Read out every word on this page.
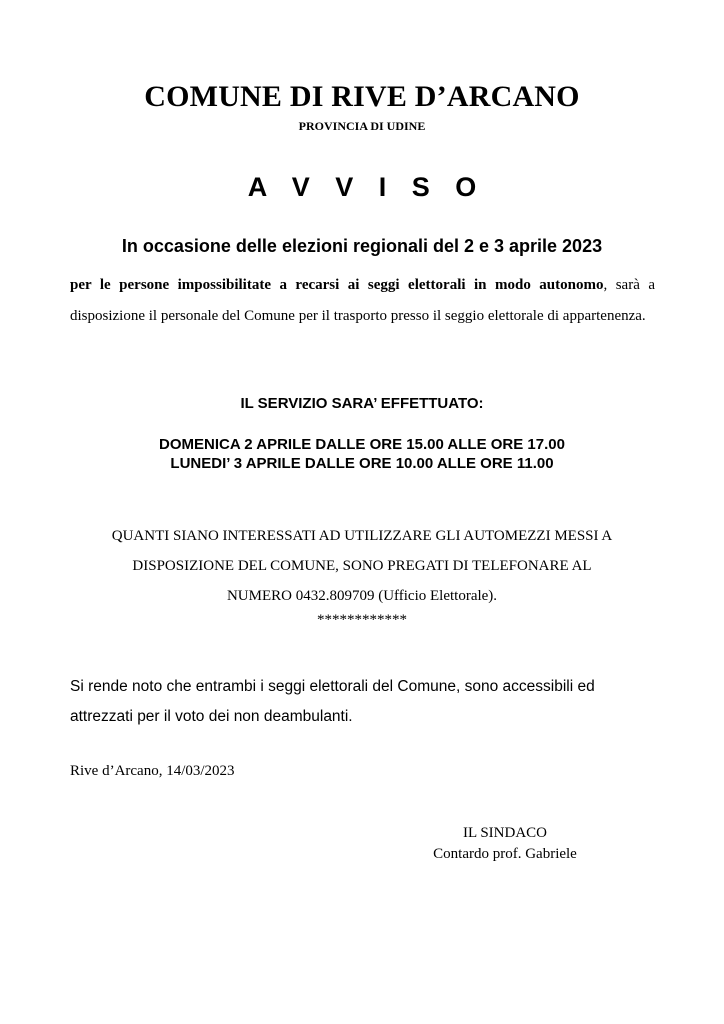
COMUNE DI RIVE D’ARCANO
PROVINCIA DI UDINE
A V V I S O
In occasione delle elezioni regionali del 2 e 3 aprile 2023
per le persone impossibilitate a recarsi ai seggi elettorali in modo autonomo, sarà a disposizione il personale del Comune per il trasporto presso il seggio elettorale di appartenenza.
IL SERVIZIO SARA’ EFFETTUATO:
DOMENICA 2 APRILE DALLE ORE 15.00 ALLE ORE 17.00
LUNEDI’ 3 APRILE DALLE ORE 10.00 ALLE ORE 11.00
QUANTI SIANO INTERESSATI AD UTILIZZARE GLI AUTOMEZZI MESSI A
DISPOSIZIONE DEL COMUNE, SONO PREGATI DI TELEFONARE AL
NUMERO 0432.809709 (Ufficio Elettorale).
************
Si rende noto che entrambi i seggi elettorali del Comune, sono accessibili ed attrezzati per il voto dei non deambulanti.
Rive d’Arcano, 14/03/2023
IL SINDACO
Contardo prof. Gabriele
